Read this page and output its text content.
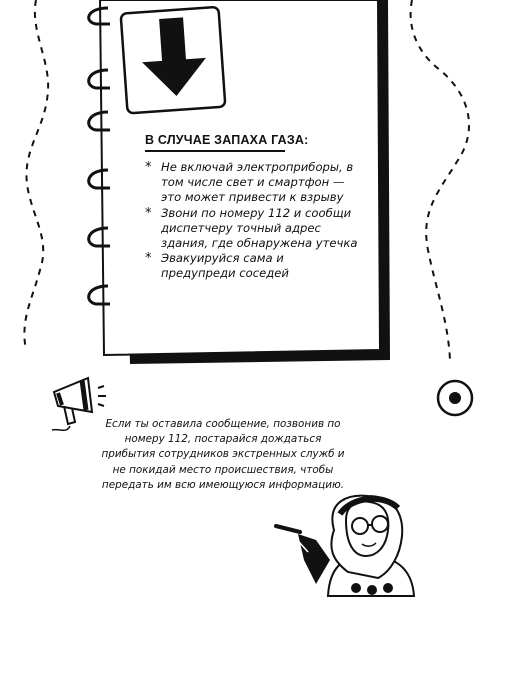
В СЛУЧАЕ ЗАПАХА ГАЗА:
* Не включай электроприборы, в том числе свет и смартфон — это может привести к взрыву
* Звони по номеру 112 и сообщи диспетчеру точный адрес здания, где обнаружена утечка
* Эвакуируйся сама и предупреди соседей
Если ты оставила сообщение, позвонив по номеру 112, постарайся дождаться прибытия сотрудников экстренных служб и не покидай место происшествия, чтобы передать им всю имеющуюся информацию.
